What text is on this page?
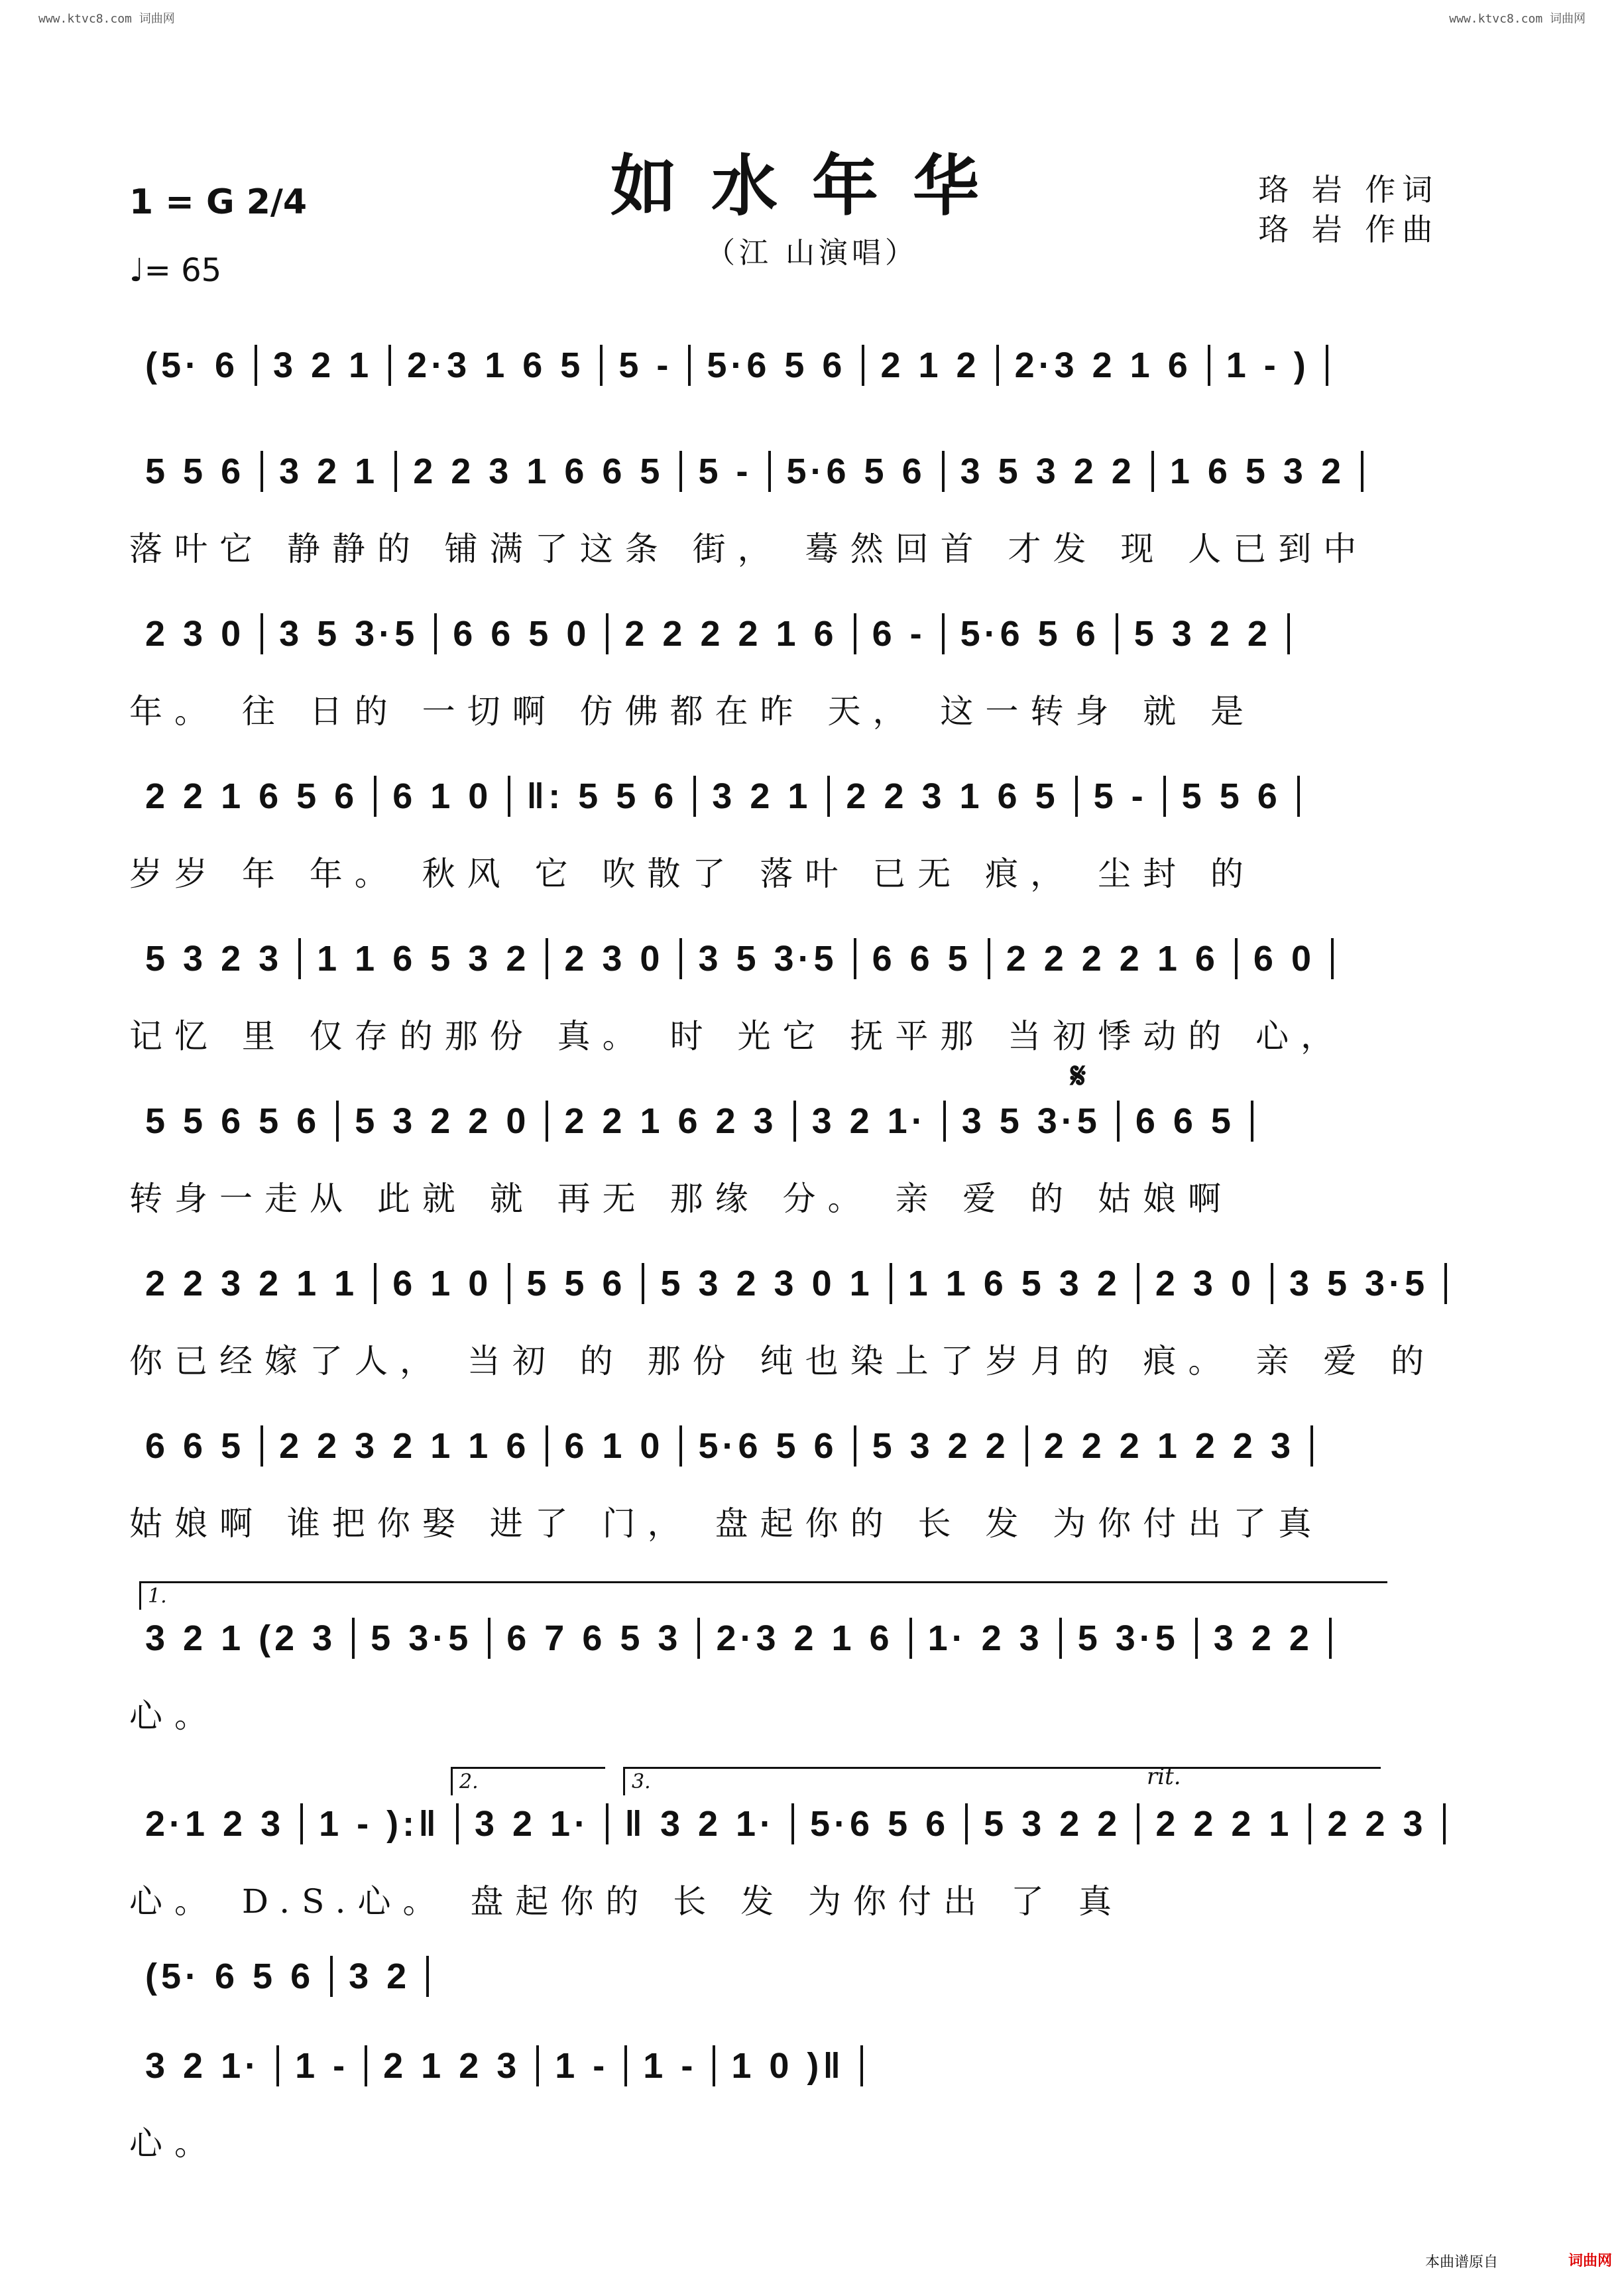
www.ktvc8.com 词曲网	www.ktvc8.com 词曲网
如水年华
（江 山演唱）
1 = G 2/4
♩= 65
珞 岩 作词
珞 岩 作曲
(5· 6 3 2 1 2·3 1 6 5 5 - 5·6 5 6 2 1 2 2·3 2 1 6 1 - )
5 5 6 3 2 1 2 2 3 1 6 6 5 5 - 5·6 5 6 3 5 3 2 2 1 6 5 3 2
落叶它 静静的 铺满了这条 街， 蓦然回首 才发 现 人已到中
2 3 0 3 5 3·5 6 6 5 0 2 2 2 2 1 6 6 - 5·6 5 6 5 3 2 2
年。 往 日的 一切啊 仿佛都在昨 天， 这一转身 就 是
2 2 1 6 5 6 6 1 0 ‖: 5 5 6 3 2 1 2 2 3 1 6 5 5 - 5 5 6
岁岁 年 年。 秋风 它 吹散了 落叶 已无 痕， 尘封 的
5 3 2 3 1 1 6 5 3 2 2 3 0 3 5 3·5 6 6 5 2 2 2 2 1 6 6 0
记忆 里 仅存的那份 真。 时 光它 抚平那 当初悸动的 心，
5 5 6 5 6 5 3 2 2 0 2 2 1 6 2 3 3 2 1· 3 5 3·5 6 6 5
转身一走从 此就 就 再无 那缘 分。 亲 爱 的 姑娘啊
2 2 3 2 1 1 6 1 0 5 5 6 5 3 2 3 0 1 1 1 6 5 3 2 2 3 0 3 5 3·5
你已经嫁了人， 当初 的 那份 纯也染上了岁月的 痕。 亲 爱 的
6 6 5 2 2 3 2 1 1 6 6 1 0 5·6 5 6 5 3 2 2 2 2 2 1 2 2 3
姑娘啊 谁把你娶 进了 门， 盘起你的 长 发 为你付出了真
3 2 1 (2 3 5 3·5 6 7 6 5 3 2·3 2 1 6 1· 2 3 5 3·5 3 2 2
心。
2·1 2 3 1 - ):‖ 3 2 1· ‖ 3 2 1· 5·6 5 6 5 3 2 2 2 2 2 1 2 2 3
心。 D.S.心。 盘起你的 长 发 为你付出 了 真
(5· 6 5 6 3 2
3 2 1· 1 - 2 1 2 3 1 - 1 - 1 0 )‖
心。
1.
2.	3.
𝄋
rit.
本曲谱原自	词曲网
